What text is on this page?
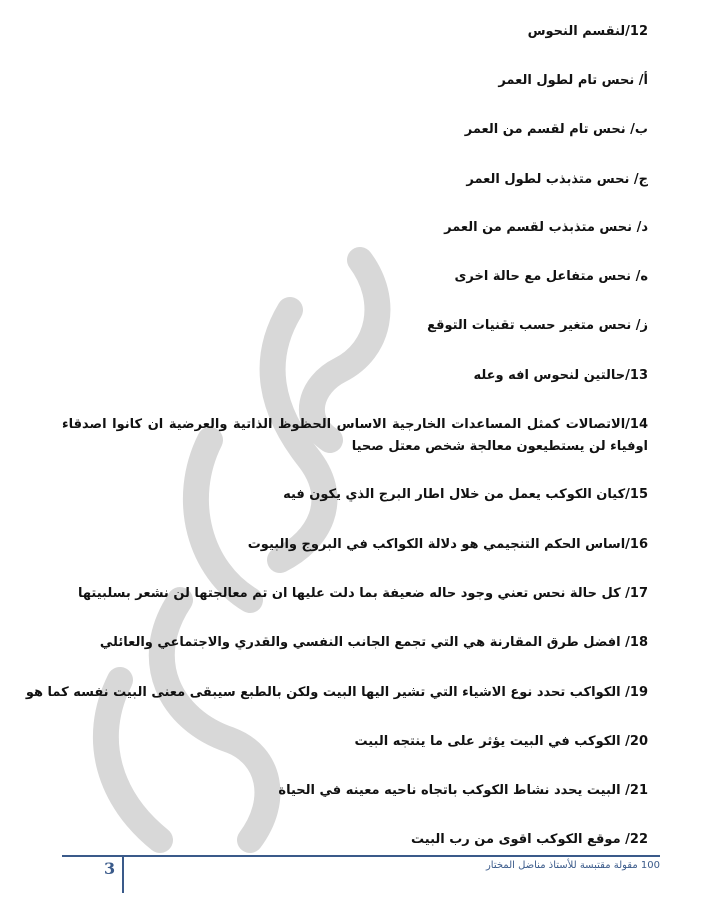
12/لنقسم النحوس
أ/ نحس تام لطول العمر
ب/ نحس تام لقسم من العمر
ج/ نحس متذبذب لطول العمر
د/ نحس متذبذب لقسم من العمر
ه/ نحس متفاعل مع حالة اخرى
ز/ نحس متغير حسب تقنيات التوقع
13/حالتين لنحوس افه وعله
14/الاتصالات كمثل المساعدات الخارجية الاساس الحظوظ الذاتية والعرضية ان كانوا اصدقاء اوفياء لن يستطيعون معالجة شخص معتل صحيا
15/كيان الكوكب يعمل من خلال اطار البرج الذي يكون فيه
16/اساس الحكم التنجيمي هو دلالة الكواكب في البروج والبيوت
17/ كل حالة نحس تعني وجود حاله ضعيفة بما دلت عليها ان تم معالجتها لن نشعر بسلبيتها
18/ افضل طرق المقارنة هي التي تجمع الجانب النفسي والقدري والاجتماعي والعائلي
19/ الكواكب تحدد نوع الاشياء التي تشير اليها البيت ولكن بالطبع سيبقى معنى البيت نفسه كما هو
20/ الكوكب في البيت يؤثر على ما ينتجه البيت
21/ البيت يحدد نشاط الكوكب باتجاه ناحيه معينه في الحياة
22/ موقع الكوكب اقوى من رب البيت
3	100 مقولة مقتبسة للأستاذ مناضل المختار
